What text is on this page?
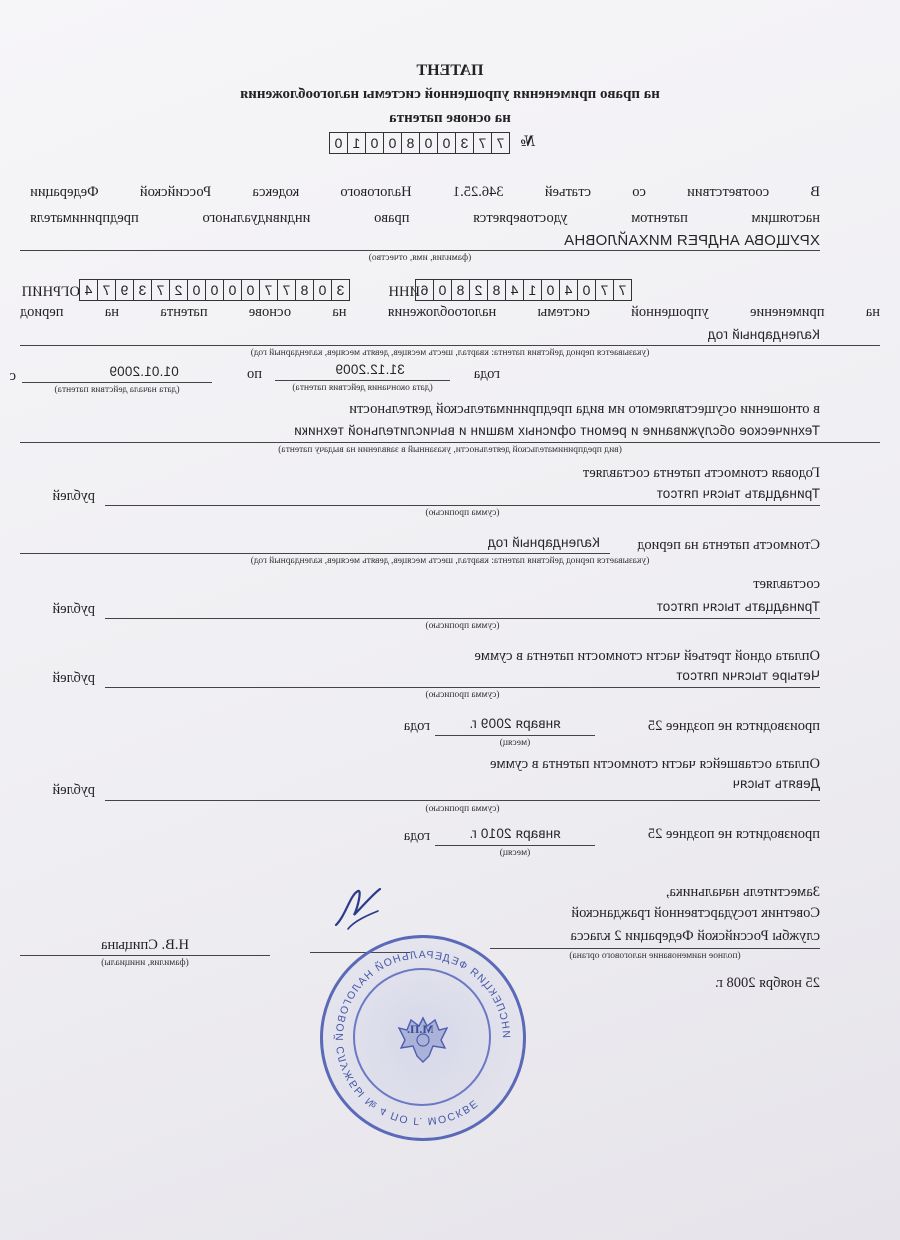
ПАТЕНТ
на право применения упрощенной системы налогообложения
на основе патента
№
7
7
3
0
0
8
0
0
1
0
В
соответствии
со
статьей
346.25.1
Налогового
кодекса
Российской
Федерации
настоящим
патентом
удостоверяется
право
индивидуального
предпринимателя
ХРУЩОВА АНДРЕЯ МИХАЙЛОВНА
(фамилия, имя, отчество)
ОГРНИП	3
0
8
7
7
0
0
0
0
2
7
3
9
7
4	ИНН	7
7
0
4
0
1
4
8
2
8
0
6
на
применение
упрощенной
системы
налогообложения
на
основе
патента
на
период
Календарный год
(указывается период действия патента: квартал, шесть месяцев, девять месяцев, календарный год)
с	01.01.2009
(дата начала действия патента)
по	31.12.2009
(дата окончания действия патента)
года
в отношении осуществляемого им вида предпринимательской деятельности
Техническое обслуживание и ремонт офисных машин и вычислительной техники
(вид предпринимательской деятельности, указанный в заявлении на выдачу патента)
Годовая стоимость патента составляет
Тринадцать тысяч пятсот
рублей
(сумма прописью)
Стоимость патента на период
Календарный год
(указывается период действия патента: квартал, шесть месяцев, девять месяцев, календарный год)
составляет
Тринадцать тысяч пятсот
рублей
(сумма прописью)
Оплата одной третьей части стоимости патента в сумме
Четыре тысячи пятсот
рублей
(сумма прописью)
производится не позднее 25
января 2009 г.
(месяц)
года
Оплата оставшейся части стоимости патента в сумме
Девять тысяч
рублей
(сумма прописью)
производится не позднее 25
января 2010 г.
(месяц)
года
Заместитель начальника,
Советник государственной гражданской
службы Российской Федерации 2 класса
(полное наименование налогового органа)
Н.В. Спицына
(фамилия, инициалы)
25 ноября 2008 г.
ИНСПЕКЦИЯ ФЕДЕРАЛЬНОЙ НАЛОГОВОЙ СЛУЖБЫ № 4 ПО Г. МОСКВЕ
М.П.
